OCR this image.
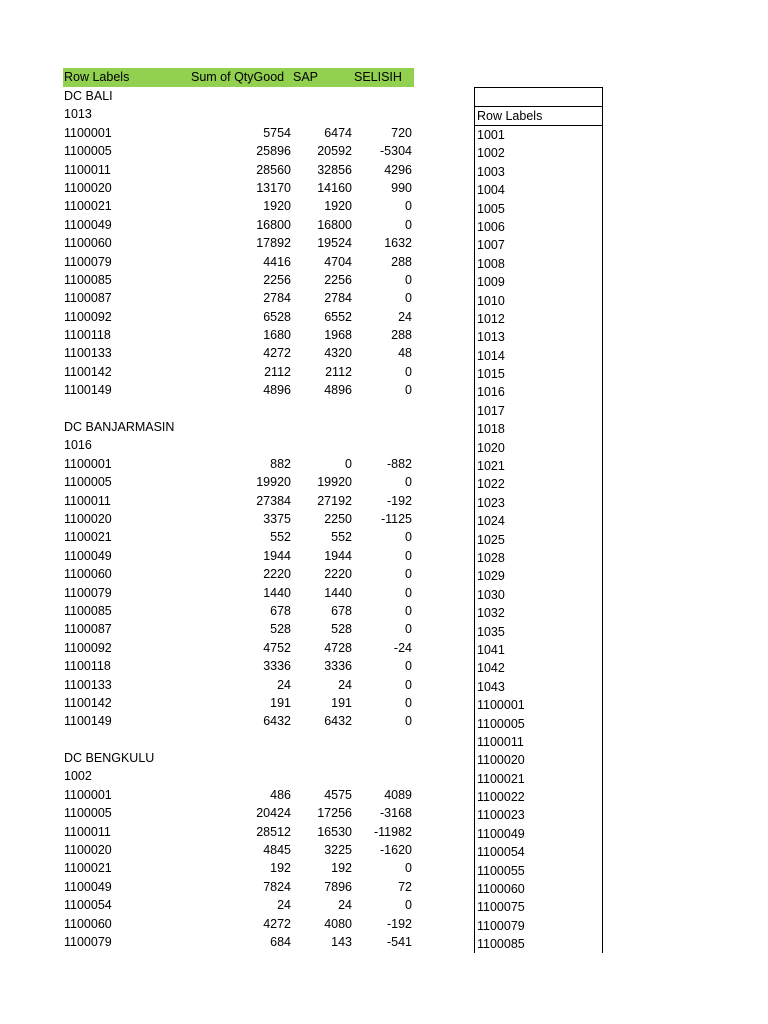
Row Labels	Sum of QtyGood SAP	SELISIH
DC BALI
1013
1100001	5754	6474	720
1100005	25896 20592 -5304
1100011	28560 32856	4296
1100020	13170 14160	990
1100021	1920	1920	0
1100049	16800 16800	0
1100060	17892 19524	1632
1100079	4416	4704	288
1100085	2256	2256	0
1100087	2784	2784	0
1100092	6528	6552	24
1100118	1680	1968	288
1100133	4272	4320	48
1100142	2112	2112	0
1100149	4896	4896	0
DC BANJARMASIN
1016
1100001	882	0	-882
1100005	19920 19920	0
1100011	27384 27192	-192
1100020	3375	2250 -1125
1100021	552	552	0
1100049	1944	1944	0
1100060	2220	2220	0
1100079	1440	1440	0
1100085	678	678	0
1100087	528	528	0
1100092	4752	4728	-24
1100118	3336	3336	0
1100133	24	24	0
1100142	191	191	0
1100149	6432	6432	0
DC BENGKULU
1002
1100001	486	4575	4089
1100005	20424 17256 -3168
1100011	28512 16530 -11982
1100020	4845	3225 -1620
1100021	192	192	0
1100049	7824	7896	72
1100054	24	24	0
1100060	4272	4080	-192
1100079	684	143	-541
Row Labels
1001
1002
1003
1004
1005
1006
1007
1008
1009
1010
1012
1013
1014
1015
1016
1017
1018
1020
1021
1022
1023
1024
1025
1028
1029
1030
1032
1035
1041
1042
1043
1100001
1100005
1100011
1100020
1100021
1100022
1100023
1100049
1100054
1100055
1100060
1100075
1100079
1100085
